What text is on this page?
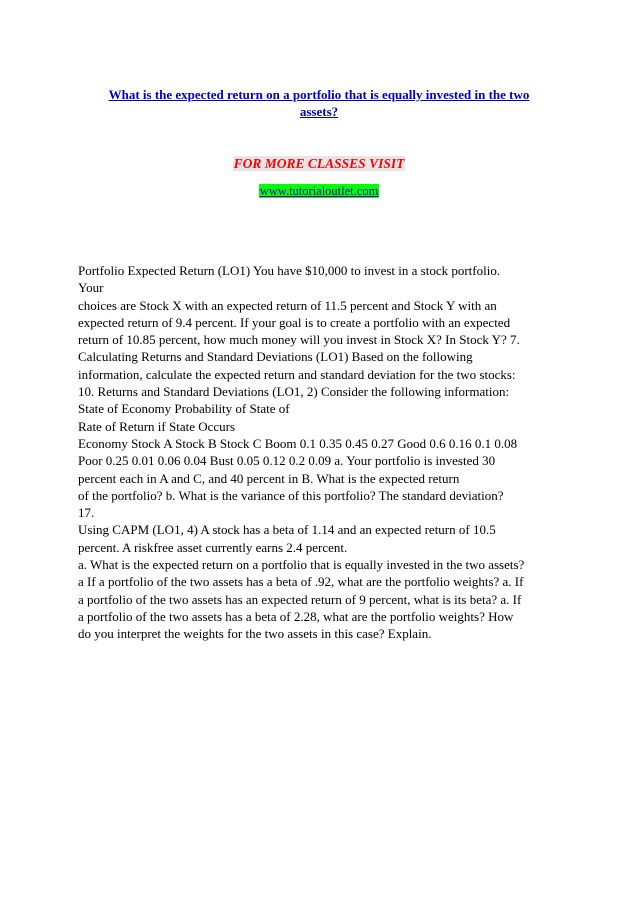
What is the expected return on a portfolio that is equally invested in the two
assets?
FOR MORE CLASSES VISIT
www.tutorialoutlet.com
Portfolio Expected Return (LO1) You have $10,000 to invest in a stock portfolio.
Your
choices are Stock X with an expected return of 11.5 percent and Stock Y with an
expected return of 9.4 percent. If your goal is to create a portfolio with an expected
return of 10.85 percent, how much money will you invest in Stock X? In Stock Y? 7.
Calculating Returns and Standard Deviations (LO1) Based on the following
information, calculate the expected return and standard deviation for the two stocks:
10. Returns and Standard Deviations (LO1, 2) Consider the following information:
State of Economy Probability of State of
Rate of Return if State Occurs
Economy Stock A Stock B Stock C Boom 0.1 0.35 0.45 0.27 Good 0.6 0.16 0.1 0.08
Poor 0.25 0.01 0.06 0.04 Bust 0.05 0.12 0.2 0.09 a. Your portfolio is invested 30
percent each in A and C, and 40 percent in B. What is the expected return
of the portfolio? b. What is the variance of this portfolio? The standard deviation?
17.
Using CAPM (LO1, 4) A stock has a beta of 1.14 and an expected return of 10.5
percent. A riskfree asset currently earns 2.4 percent.
a. What is the expected return on a portfolio that is equally invested in the two assets?
a If a portfolio of the two assets has a beta of .92, what are the portfolio weights? a. If
a portfolio of the two assets has an expected return of 9 percent, what is its beta? a. If
a portfolio of the two assets has a beta of 2.28, what are the portfolio weights? How
do you interpret the weights for the two assets in this case? Explain.
